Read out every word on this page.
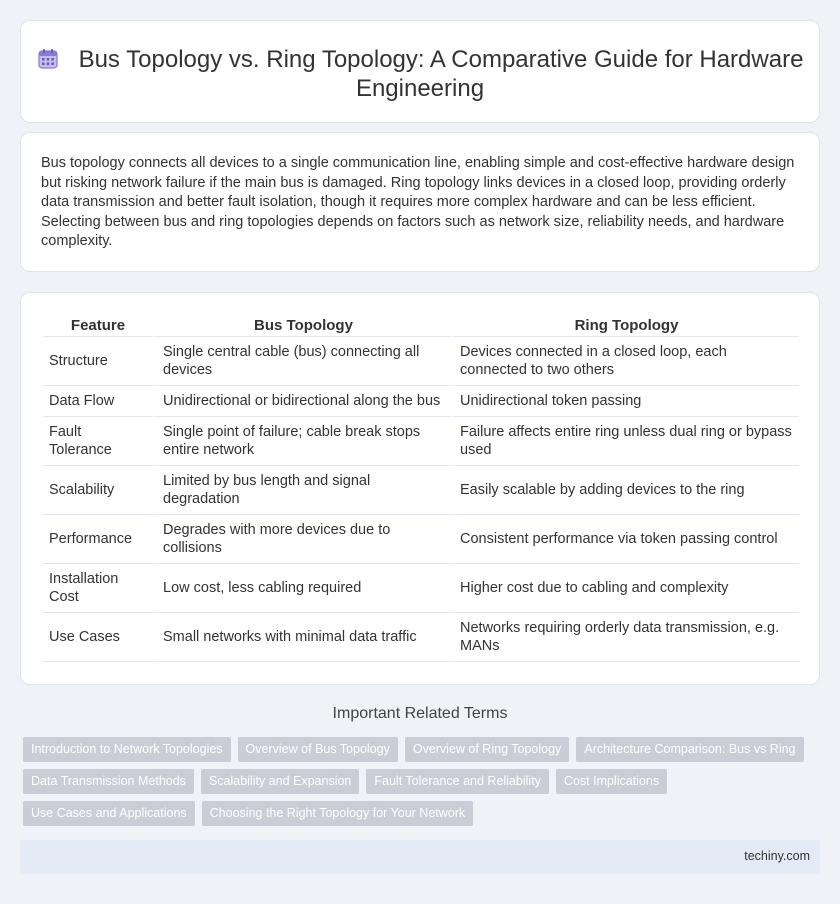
Bus Topology vs. Ring Topology: A Comparative Guide for Hardware Engineering

Bus topology connects all devices to a single communication line, enabling simple and cost-effective hardware design but risking network failure if the main bus is damaged. Ring topology links devices in a closed loop, providing orderly data transmission and better fault isolation, though it requires more complex hardware and can be less efficient. Selecting between bus and ring topologies depends on factors such as network size, reliability needs, and hardware complexity.

Feature	Bus Topology	Ring Topology
Structure	Single central cable (bus) connecting all devices	Devices connected in a closed loop, each connected to two others
Data Flow	Unidirectional or bidirectional along the bus	Unidirectional token passing
Fault Tolerance	Single point of failure; cable break stops entire network	Failure affects entire ring unless dual ring or bypass used
Scalability	Limited by bus length and signal degradation	Easily scalable by adding devices to the ring
Performance	Degrades with more devices due to collisions	Consistent performance via token passing control
Installation Cost	Low cost, less cabling required	Higher cost due to cabling and complexity
Use Cases	Small networks with minimal data traffic	Networks requiring orderly data transmission, e.g. MANs
Important Related Terms
Introduction to Network Topologies	Overview of Bus Topology	Overview of Ring Topology	Architecture Comparison: Bus vs Ring
Data Transmission Methods	Scalability and Expansion	Fault Tolerance and Reliability	Cost Implications
Use Cases and Applications	Choosing the Right Topology for Your Network
techiny.com
